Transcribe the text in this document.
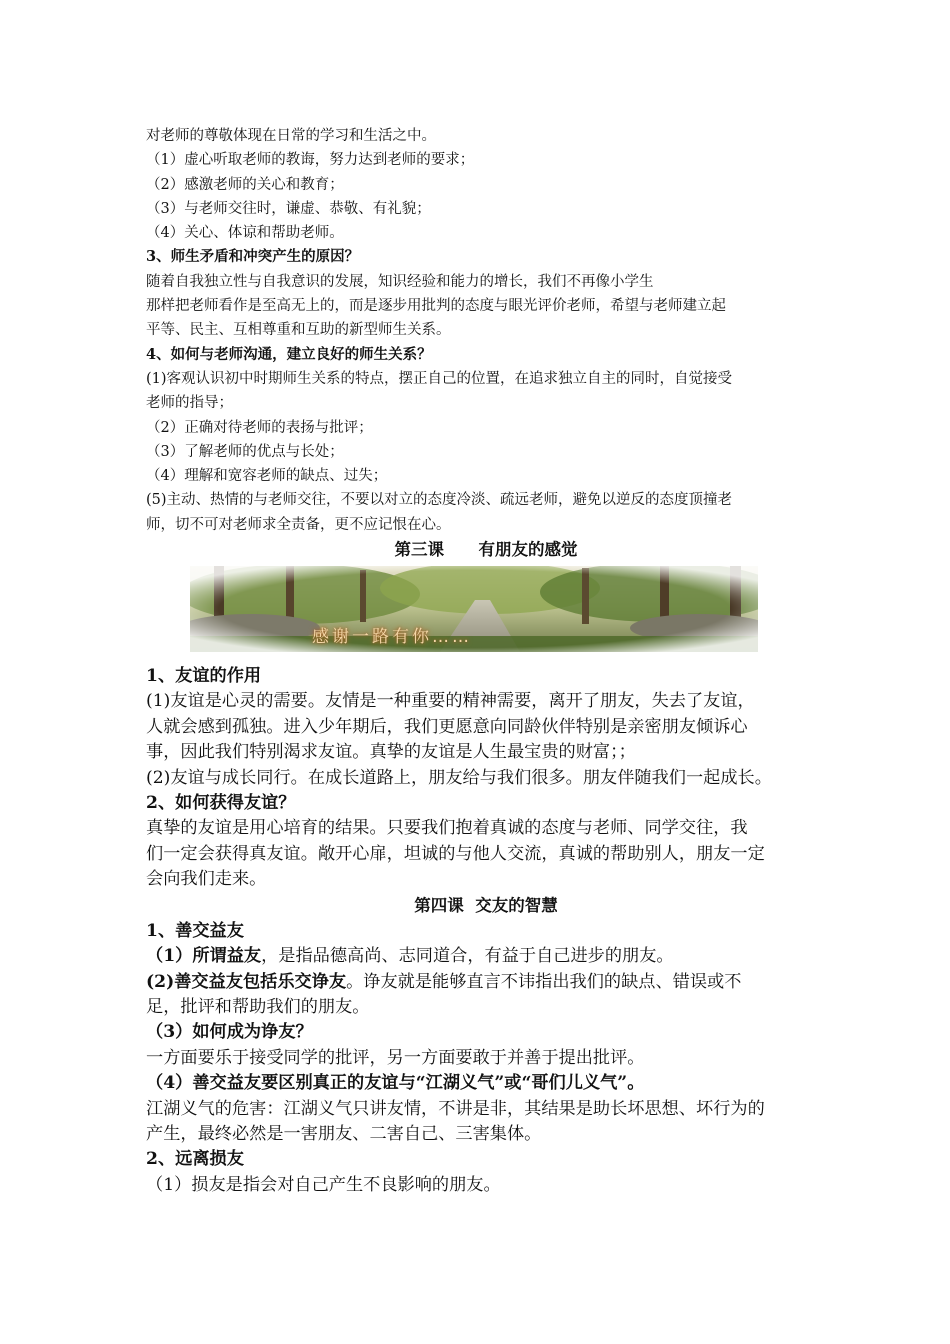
对老师的尊敬体现在日常的学习和生活之中。
（1）虚心听取老师的教诲，努力达到老师的要求；
（2）感激老师的关心和教育；
（3）与老师交往时，谦虚、恭敬、有礼貌；
（4）关心、体谅和帮助老师。
3、师生矛盾和冲突产生的原因？
随着自我独立性与自我意识的发展，知识经验和能力的增长，我们不再像小学生
那样把老师看作是至高无上的，而是逐步用批判的态度与眼光评价老师，希望与老师建立起
平等、民主、互相尊重和互助的新型师生关系。
4、如何与老师沟通，建立良好的师生关系？
(1)客观认识初中时期师生关系的特点，摆正自己的位置，在追求独立自主的同时，自觉接受
老师的指导；
（2）正确对待老师的表扬与批评；
（3）了解老师的优点与长处；
（4）理解和宽容老师的缺点、过失；
(5)主动、热情的与老师交往，不要以对立的态度冷淡、疏远老师，避免以逆反的态度顶撞老
师，切不可对老师求全责备，更不应记恨在心。
第三课      有朋友的感觉
感谢一路有你……
1、友谊的作用
(1)友谊是心灵的需要。友情是一种重要的精神需要，离开了朋友，失去了友谊，
人就会感到孤独。进入少年期后，我们更愿意向同龄伙伴特别是亲密朋友倾诉心
事，因此我们特别渴求友谊。真挚的友谊是人生最宝贵的财富；；
(2)友谊与成长同行。在成长道路上，朋友给与我们很多。朋友伴随我们一起成长。
2、如何获得友谊？
真挚的友谊是用心培育的结果。只要我们抱着真诚的态度与老师、同学交往，我
们一定会获得真友谊。敞开心扉，坦诚的与他人交流，真诚的帮助别人，朋友一定
会向我们走来。
第四课  交友的智慧
1、善交益友
（1）所谓益友，是指品德高尚、志同道合，有益于自己进步的朋友。
(2)善交益友包括乐交诤友。诤友就是能够直言不讳指出我们的缺点、错误或不
足，批评和帮助我们的朋友。
（3）如何成为诤友？
一方面要乐于接受同学的批评，另一方面要敢于并善于提出批评。
（4）善交益友要区别真正的友谊与“江湖义气”或“哥们儿义气”。
江湖义气的危害：江湖义气只讲友情，不讲是非，其结果是助长坏思想、坏行为的
产生，最终必然是一害朋友、二害自己、三害集体。
2、远离损友
（1）损友是指会对自己产生不良影响的朋友。
